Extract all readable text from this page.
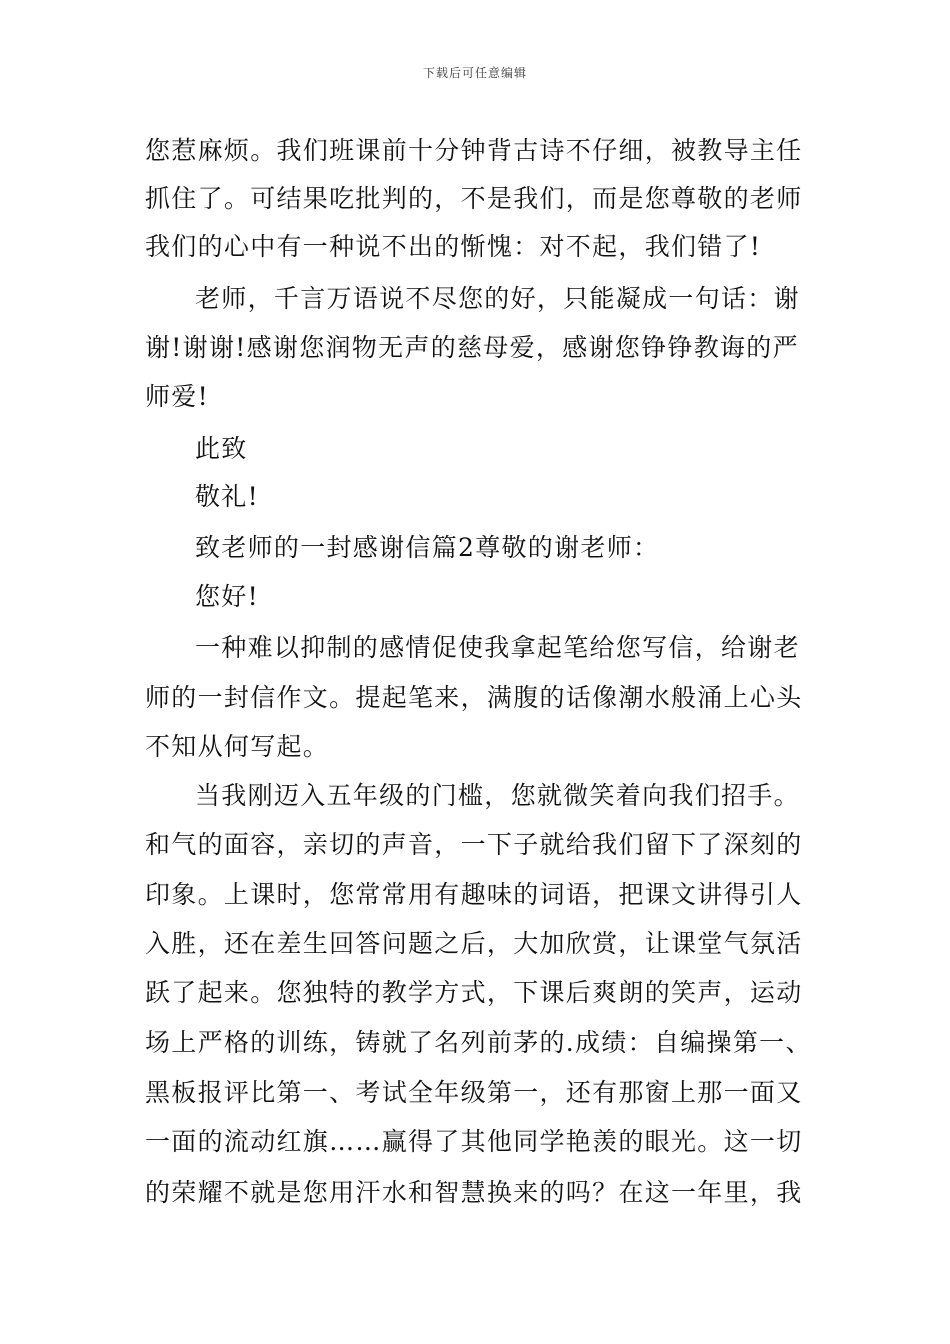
下载后可任意编辑
您惹麻烦。我们班课前十分钟背古诗不仔细，被教导主任
抓住了。可结果吃批判的，不是我们，而是您尊敬的老师
我们的心中有一种说不出的惭愧：对不起，我们错了!
老师，千言万语说不尽您的好，只能凝成一句话：谢
谢!谢谢!感谢您润物无声的慈母爱，感谢您铮铮教诲的严
师爱!
此致
敬礼!
致老师的一封感谢信篇2尊敬的谢老师：
您好!
一种难以抑制的感情促使我拿起笔给您写信，给谢老
师的一封信作文。提起笔来，满腹的话像潮水般涌上心头
不知从何写起。
当我刚迈入五年级的门槛，您就微笑着向我们招手。
和气的面容，亲切的声音，一下子就给我们留下了深刻的
印象。上课时，您常常用有趣味的词语，把课文讲得引人
入胜，还在差生回答问题之后，大加欣赏，让课堂气氛活
跃了起来。您独特的教学方式，下课后爽朗的笑声，运动
场上严格的训练，铸就了名列前茅的.成绩：自编操第一、
黑板报评比第一、考试全年级第一，还有那窗上那一面又
一面的流动红旗……赢得了其他同学艳羡的眼光。这一切
的荣耀不就是您用汗水和智慧换来的吗？在这一年里，我
